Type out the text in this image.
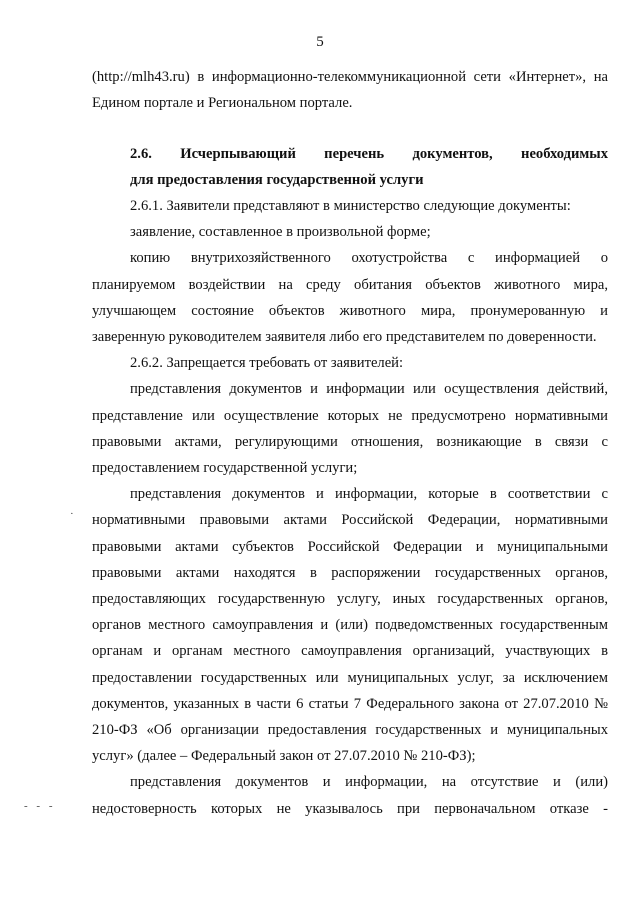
5

(http://mlh43.ru) в информационно-телекоммуникационной сети «Интернет», на Едином портале и Региональном портале.

2.6. Исчерпывающий перечень документов, необходимых
для предоставления государственной услуги

2.6.1. Заявители представляют в министерство следующие документы:

заявление, составленное в произвольной форме;

копию внутрихозяйственного охотустройства с информацией о планируемом воздействии на среду обитания объектов животного мира, улучшающем состояние объектов животного мира, пронумерованную и заверенную руководителем заявителя либо его представителем по доверенности.

2.6.2. Запрещается требовать от заявителей:

представления документов и информации или осуществления действий, представление или осуществление которых не предусмотрено нормативными правовыми актами, регулирующими отношения, возникающие в связи с предоставлением государственной услуги;

представления документов и информации, которые в соответствии с нормативными правовыми актами Российской Федерации, нормативными правовыми актами субъектов Российской Федерации и муниципальными правовыми актами находятся в распоряжении государственных органов, предоставляющих государственную услугу, иных государственных органов, органов местного самоуправления и (или) подведомственных государственным органам и органам местного самоуправления организаций, участвующих в предоставлении государственных или муниципальных услуг, за исключением документов, указанных в части 6 статьи 7 Федерального закона от 27.07.2010 № 210-ФЗ «Об организации предоставления государственных и муниципальных услуг» (далее – Федеральный закон от 27.07.2010 № 210-ФЗ);

представления документов и информации, на отсутствие и (или) недостоверность которых не указывалось при первоначальном отказе -

·
‑ ‑ ‑
